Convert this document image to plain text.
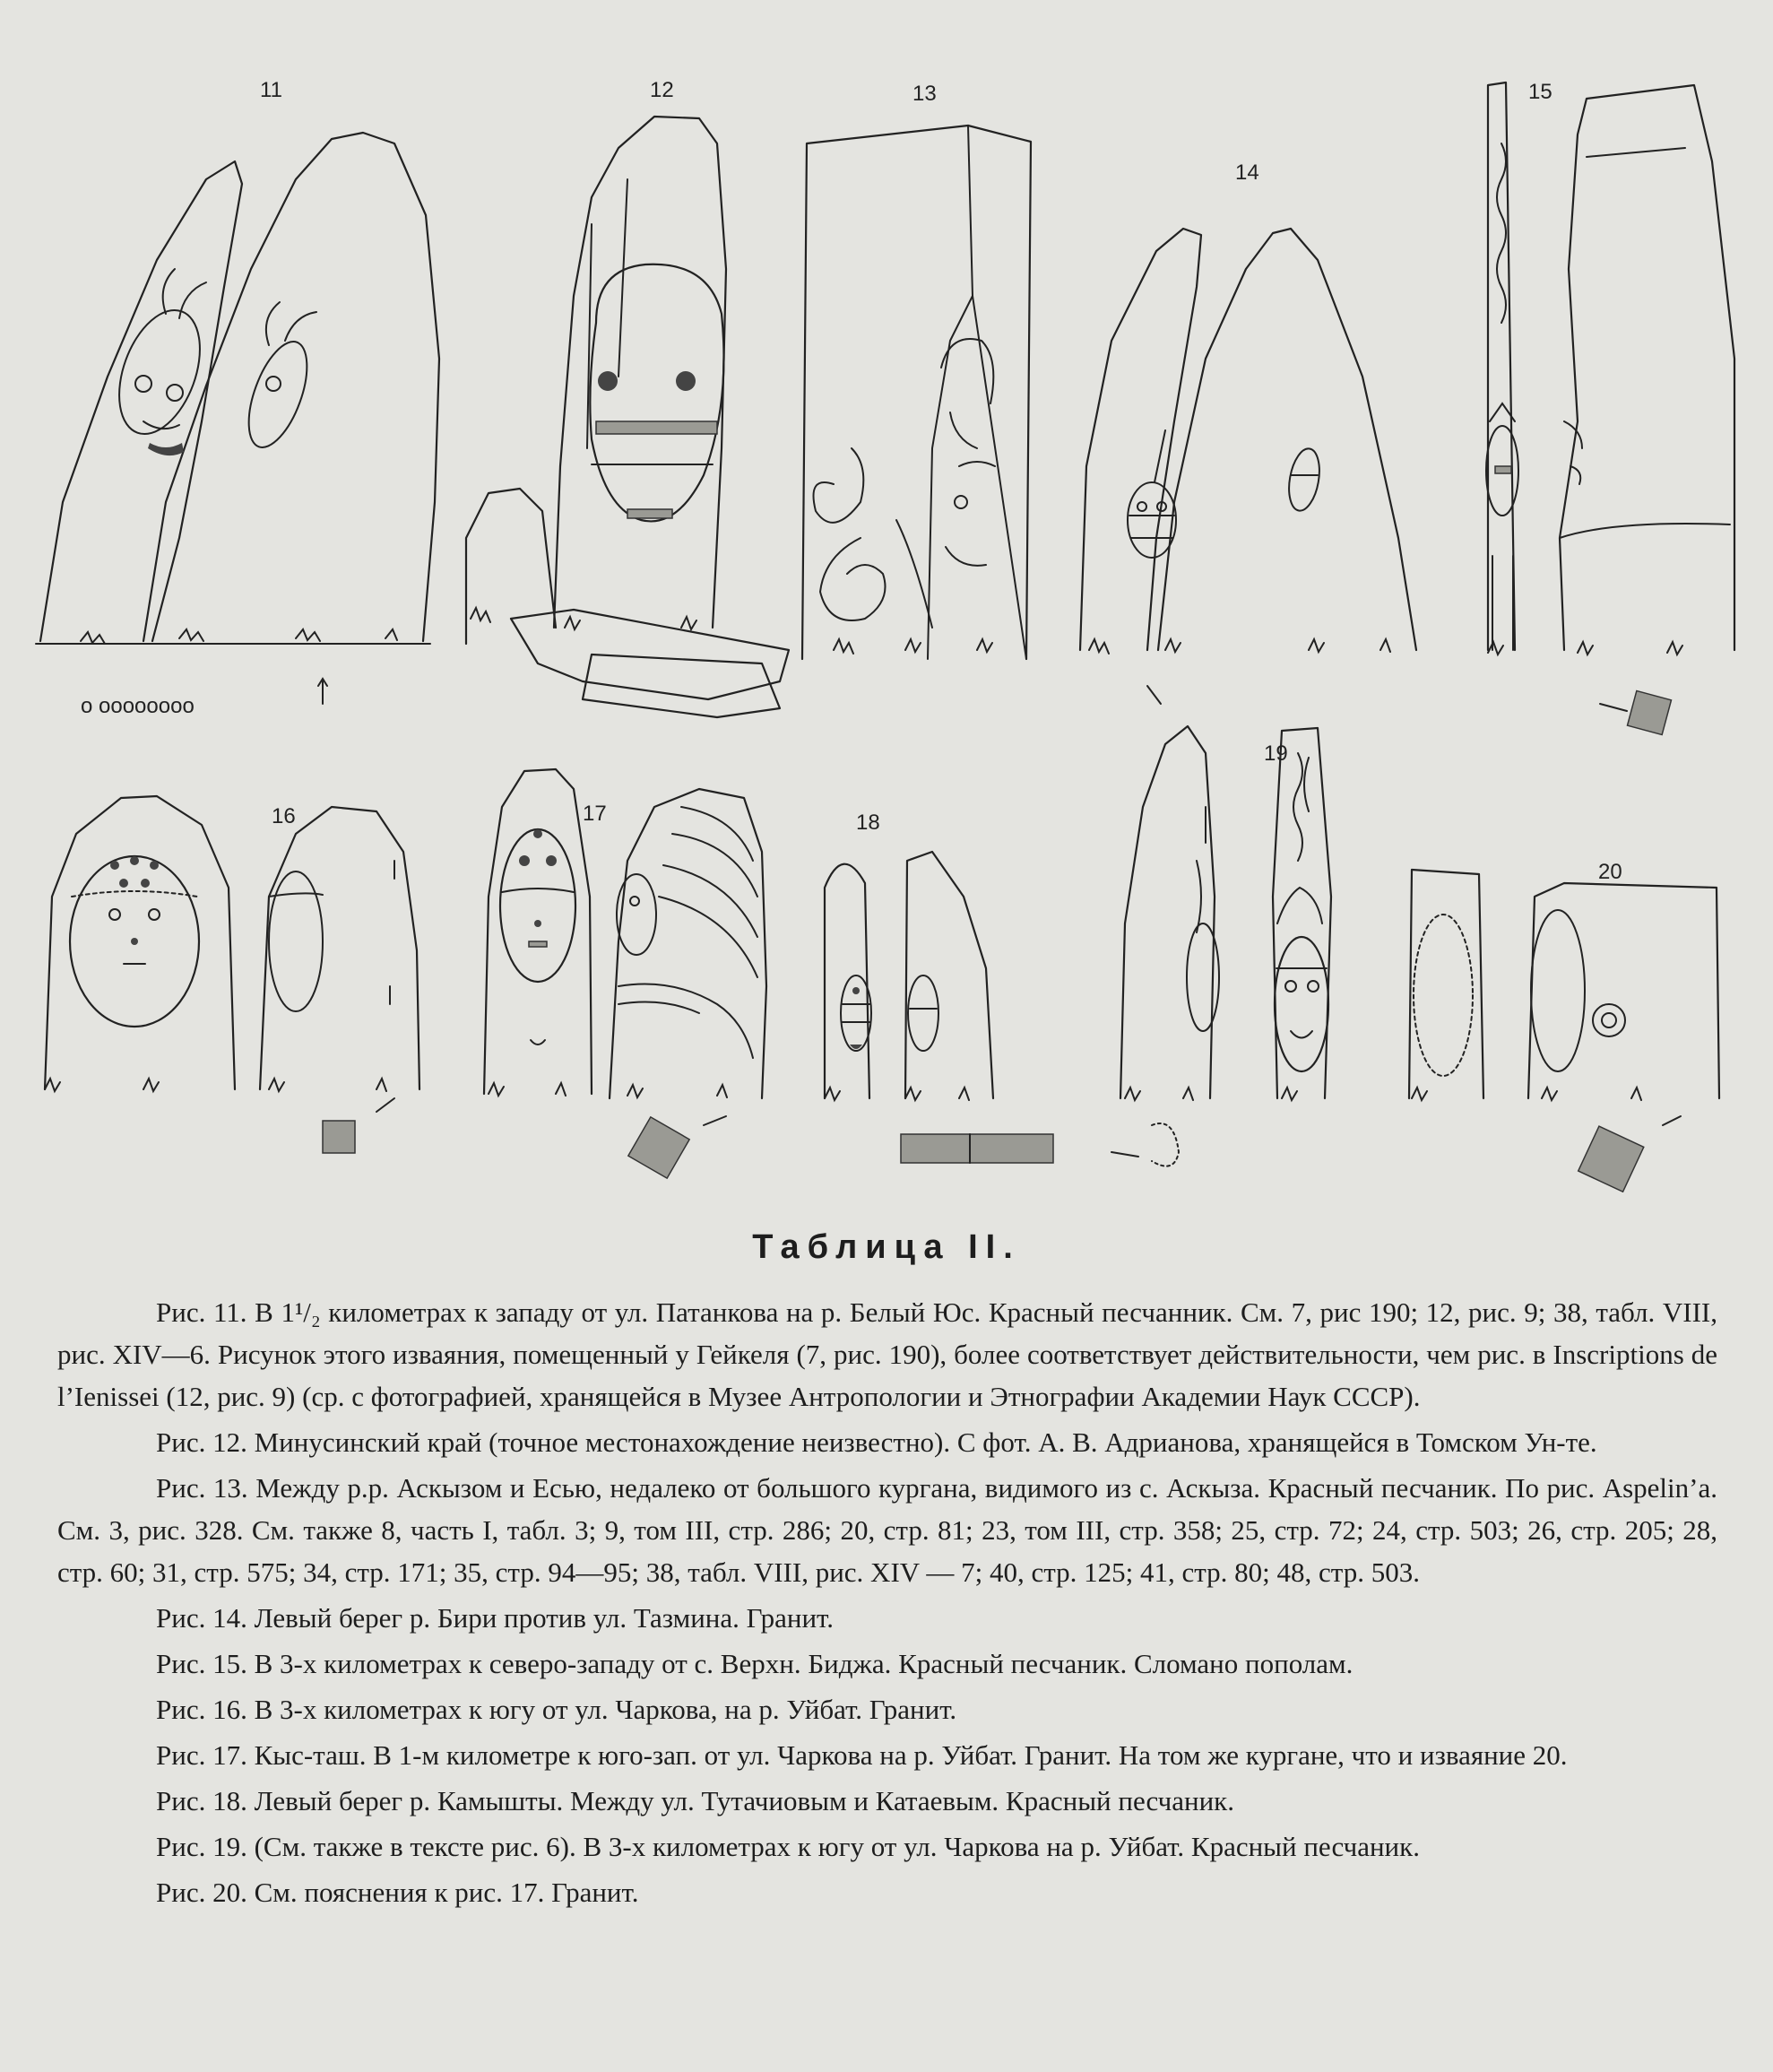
11
o oooooooo
12	13
14
15
16	17	18
19
20
Таблица II.

Рис. 11. В 1¹/₂ километрах к западу от ул. Патанкова на р. Белый Юс. Красный песчанник. См. 7, рис 190; 12, рис. 9; 38, табл. VIII, рис. XIV—6. Рисунок этого изваяния, помещенный у Гейкеля (7, рис. 190), более соответствует действительности, чем рис. в Inscriptions de l’Ienissei (12, рис. 9) (ср. с фотографией, хранящейся в Музее Антропологии и Этнографии Академии Наук СССР).

Рис. 12. Минусинский край (точное местонахождение неизвестно). С фот. А. В. Адрианова, хранящейся в Томском Ун-те.

Рис. 13. Между р.р. Аскызом и Есью, недалеко от большого кургана, видимого из с. Аскыза. Красный песчаник. По рис. Aspelin’a. См. 3, рис. 328. См. также 8, часть I, табл. 3; 9, том III, стр. 286; 20, стр. 81; 23, том III, стр. 358; 25, стр. 72; 24, стр. 503; 26, стр. 205; 28, стр. 60; 31, стр. 575; 34, стр. 171; 35, стр. 94—95; 38, табл. VIII, рис. XIV — 7; 40, стр. 125; 41, стр. 80; 48, стр. 503.

Рис. 14. Левый берег р. Бири против ул. Тазмина. Гранит.

Рис. 15. В 3-х километрах к северо-западу от с. Верхн. Биджа. Красный песчаник. Сломано пополам.

Рис. 16. В 3-х километрах к югу от ул. Чаркова, на р. Уйбат. Гранит.

Рис. 17. Кыс-таш. В 1-м километре к юго-зап. от ул. Чаркова на р. Уйбат. Гранит. На том же кургане, что и изваяние 20.

Рис. 18. Левый берег р. Камышты. Между ул. Тутачиовым и Катаевым. Красный песчаник.

Рис. 19. (См. также в тексте рис. 6). В 3-х километрах к югу от ул. Чаркова на р. Уйбат. Красный песчаник.

Рис. 20. См. пояснения к рис. 17. Гранит.
